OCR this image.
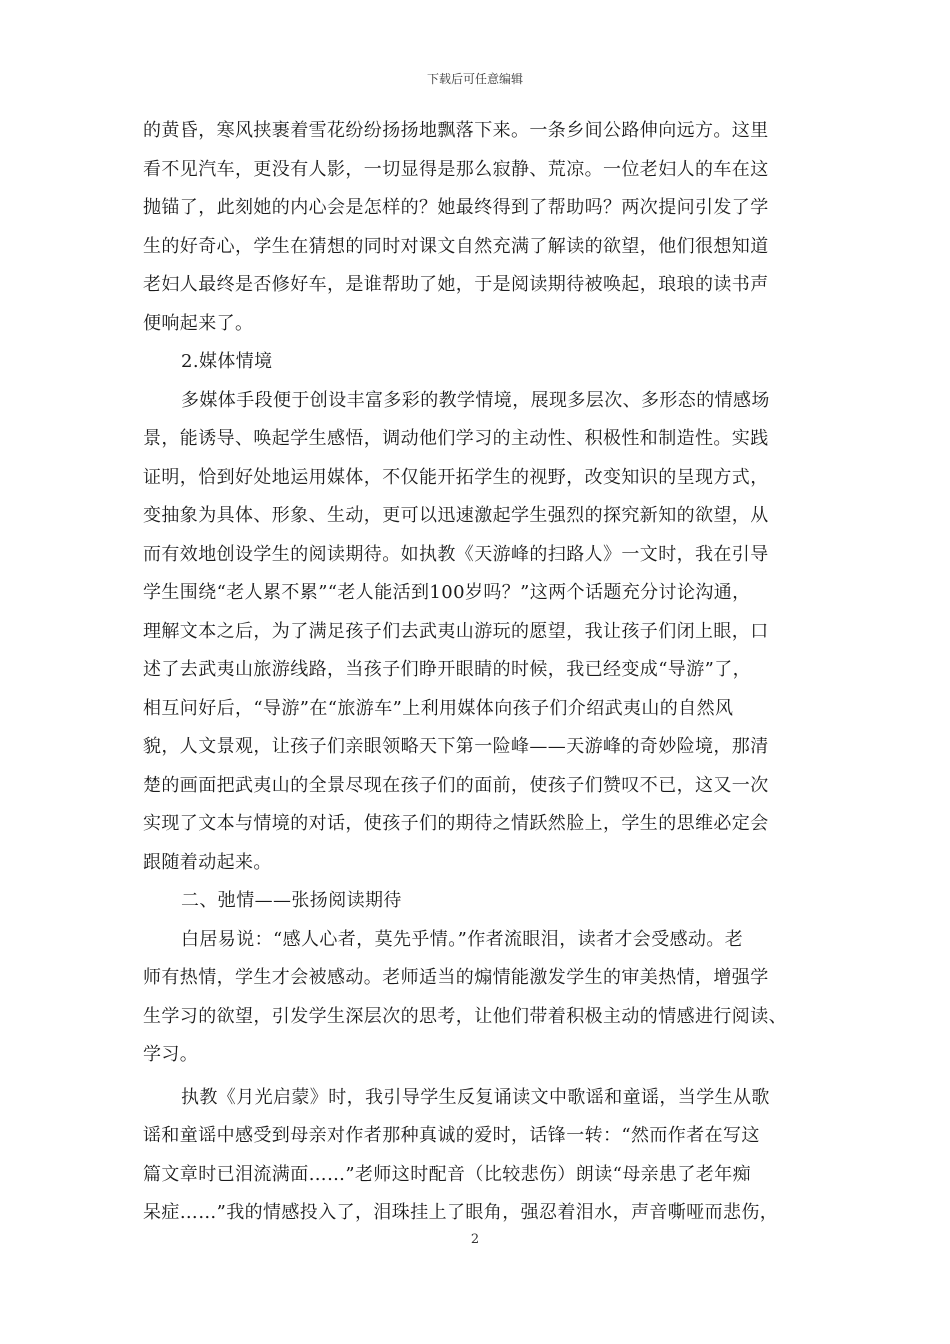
下载后可任意编辑
的黄昏，寒风挟裹着雪花纷纷扬扬地飘落下来。一条乡间公路伸向远方。这里
看不见汽车，更没有人影，一切显得是那么寂静、荒凉。一位老妇人的车在这
抛锚了，此刻她的内心会是怎样的？她最终得到了帮助吗？两次提问引发了学
生的好奇心，学生在猜想的同时对课文自然充满了解读的欲望，他们很想知道
老妇人最终是否修好车，是谁帮助了她，于是阅读期待被唤起，琅琅的读书声
便响起来了。
2.媒体情境
多媒体手段便于创设丰富多彩的教学情境，展现多层次、多形态的情感场
景，能诱导、唤起学生感悟，调动他们学习的主动性、积极性和制造性。实践
证明，恰到好处地运用媒体，不仅能开拓学生的视野，改变知识的呈现方式，
变抽象为具体、形象、生动，更可以迅速激起学生强烈的探究新知的欲望，从
而有效地创设学生的阅读期待。如执教《天游峰的扫路人》一文时，我在引导
学生围绕“老人累不累”“老人能活到100岁吗？”这两个话题充分讨论沟通，
理解文本之后，为了满足孩子们去武夷山游玩的愿望，我让孩子们闭上眼，口
述了去武夷山旅游线路，当孩子们睁开眼睛的时候，我已经变成“导游”了，
相互问好后，“导游”在“旅游车”上利用媒体向孩子们介绍武夷山的自然风
貌，人文景观，让孩子们亲眼领略天下第一险峰——天游峰的奇妙险境，那清
楚的画面把武夷山的全景尽现在孩子们的面前，使孩子们赞叹不已，这又一次
实现了文本与情境的对话，使孩子们的期待之情跃然脸上，学生的思维必定会
跟随着动起来。
二、弛情——张扬阅读期待
白居易说：“感人心者，莫先乎情。”作者流眼泪，读者才会受感动。老
师有热情，学生才会被感动。老师适当的煽情能激发学生的审美热情，增强学
生学习的欲望，引发学生深层次的思考，让他们带着积极主动的情感进行阅读、
学习。
执教《月光启蒙》时，我引导学生反复诵读文中歌谣和童谣，当学生从歌
谣和童谣中感受到母亲对作者那种真诚的爱时，话锋一转：“然而作者在写这
篇文章时已泪流满面……”老师这时配音（比较悲伤）朗读“母亲患了老年痴
呆症……”我的情感投入了，泪珠挂上了眼角，强忍着泪水，声音嘶哑而悲伤，
2
